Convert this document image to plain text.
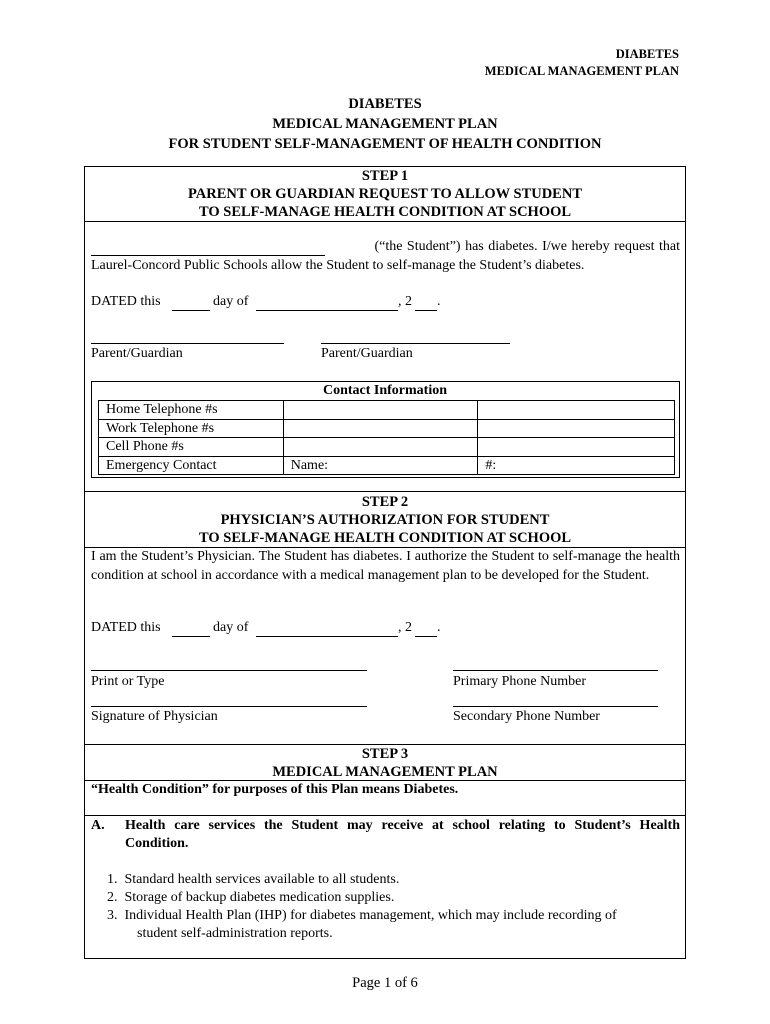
DIABETES
MEDICAL MANAGEMENT PLAN
DIABETES
MEDICAL MANAGEMENT PLAN
FOR STUDENT SELF-MANAGEMENT OF HEALTH CONDITION
STEP 1
PARENT OR GUARDIAN REQUEST TO ALLOW STUDENT
TO SELF-MANAGE HEALTH CONDITION AT SCHOOL
(“the Student”) has diabetes. I/we hereby request that
Laurel-Concord Public Schools allow the Student to self-manage the Student’s diabetes.
DATED this	day of	, 2 .
Parent/Guardian	Parent/Guardian
Contact Information
Home Telephone #s		
Work Telephone #s		
Cell Phone #s		
Emergency Contact	Name:	#:
STEP 2
PHYSICIAN’S AUTHORIZATION FOR STUDENT
TO SELF-MANAGE HEALTH CONDITION AT SCHOOL
I am the Student’s Physician. The Student has diabetes. I authorize the Student to self-manage the health condition at school in accordance with a medical management plan to be developed for the Student.
DATED this	day of	, 2 .
Print or Type	Primary Phone Number
Signature of Physician	Secondary Phone Number
STEP 3
MEDICAL MANAGEMENT PLAN
“Health Condition” for purposes of this Plan means Diabetes.
A. Health care services the Student may receive at school relating to Student’s Health
Condition.
1. Standard health services available to all students.
2. Storage of backup diabetes medication supplies.
3. Individual Health Plan (IHP) for diabetes management, which may include recording of
student self-administration reports.
Page 1 of 6
